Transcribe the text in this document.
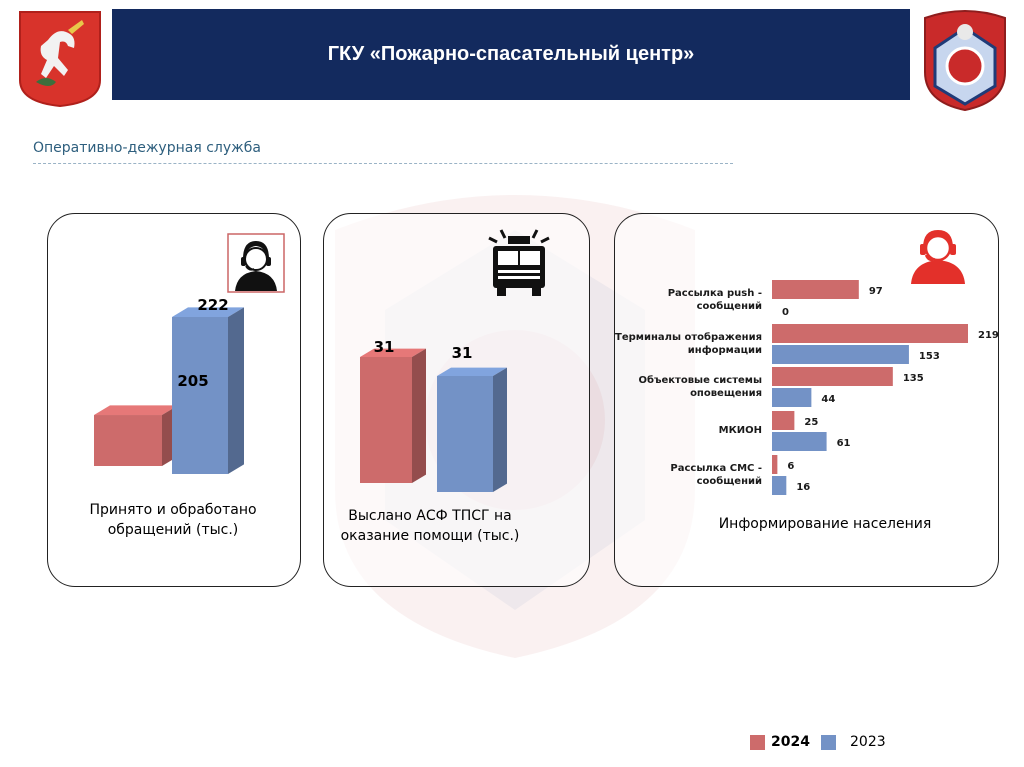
ГКУ «Пожарно-спасательный центр»
Оперативно-дежурная служба
205
222
31	31
Рассылка push -сообщений
97
0
Терминалы отображения информации
219
153
Объектовые системы оповещения
135
44
МКИОН
25
61
Рассылка СМС -сообщений
6
16
Принято и обработано
обращений (тыс.)
Выслано АСФ ТПСГ на
оказание помощи (тыс.)
Информирование населения
2024	2023
